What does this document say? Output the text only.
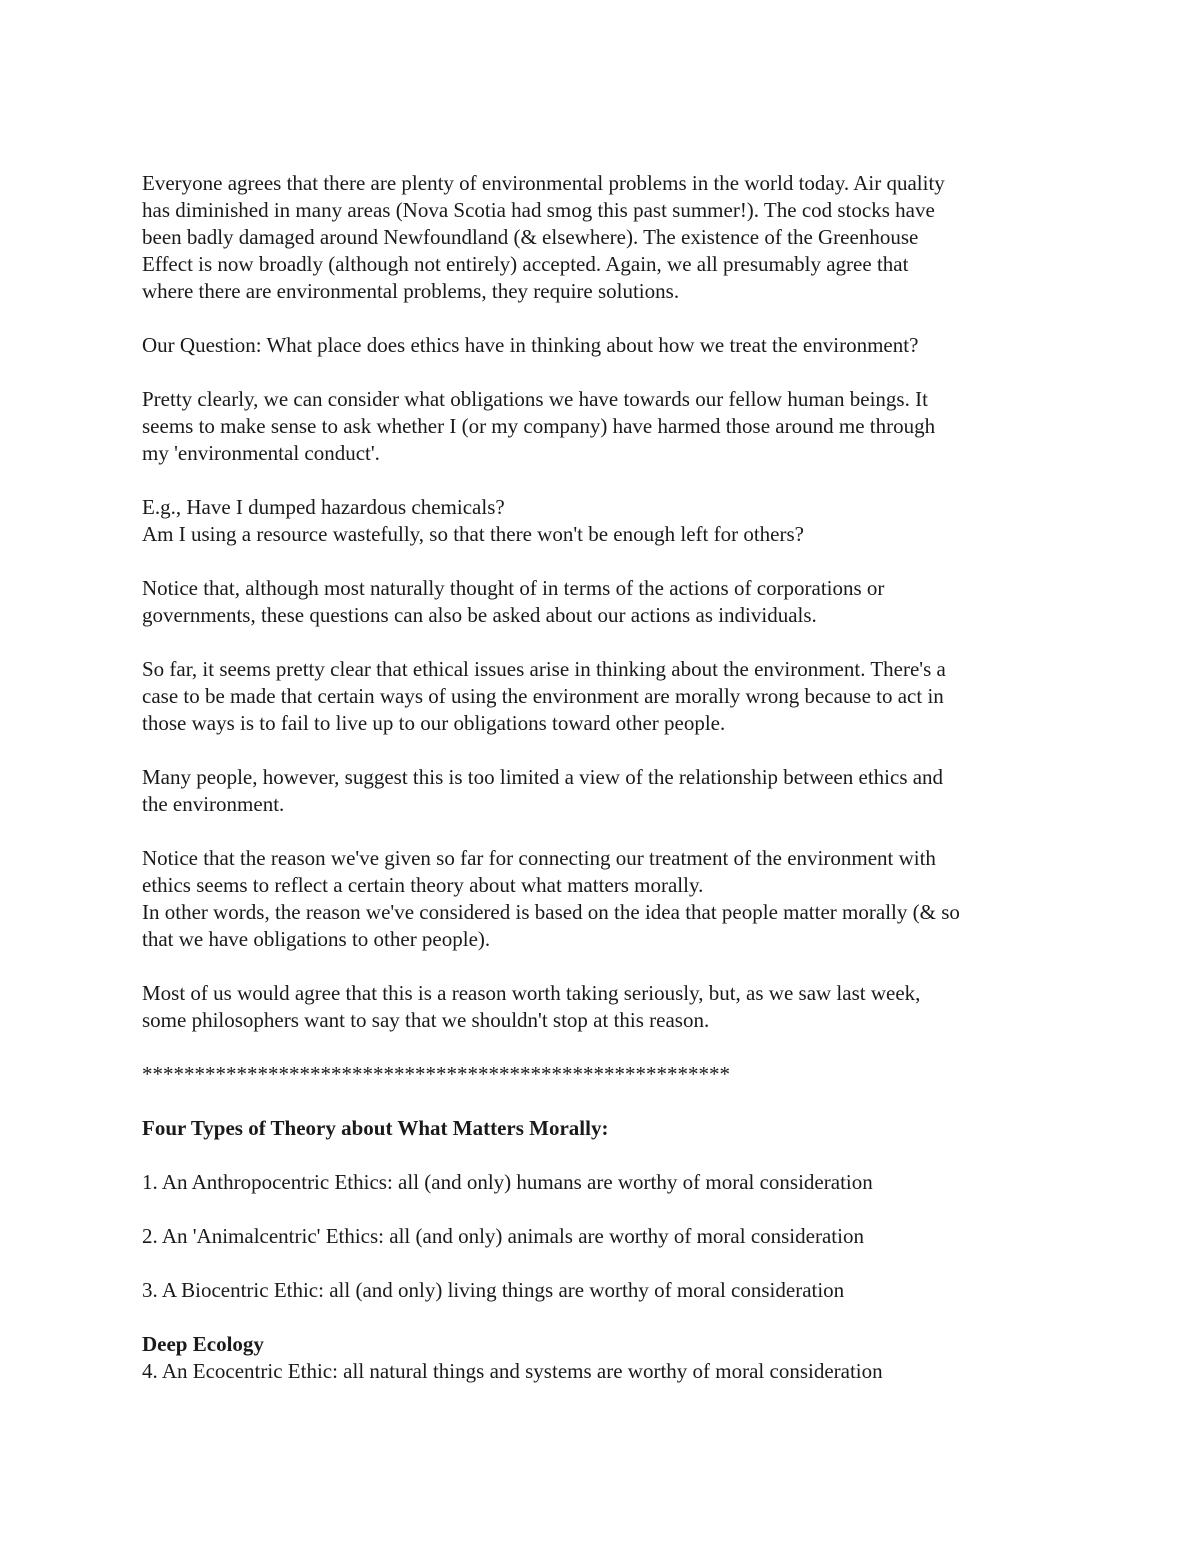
Everyone agrees that there are plenty of environmental problems in the world today. Air quality
has diminished in many areas (Nova Scotia had smog this past summer!). The cod stocks have
been badly damaged around Newfoundland (& elsewhere). The existence of the Greenhouse
Effect is now broadly (although not entirely) accepted. Again, we all presumably agree that
where there are environmental problems, they require solutions.
Our Question: What place does ethics have in thinking about how we treat the environment?
Pretty clearly, we can consider what obligations we have towards our fellow human beings. It
seems to make sense to ask whether I (or my company) have harmed those around me through
my 'environmental conduct'.
E.g., Have I dumped hazardous chemicals?
Am I using a resource wastefully, so that there won't be enough left for others?
Notice that, although most naturally thought of in terms of the actions of corporations or
governments, these questions can also be asked about our actions as individuals.
So far, it seems pretty clear that ethical issues arise in thinking about the environment. There's a
case to be made that certain ways of using the environment are morally wrong because to act in
those ways is to fail to live up to our obligations toward other people.
Many people, however, suggest this is too limited a view of the relationship between ethics and
the environment.
Notice that the reason we've given so far for connecting our treatment of the environment with
ethics seems to reflect a certain theory about what matters morally.
In other words, the reason we've considered is based on the idea that people matter morally (& so
that we have obligations to other people).
Most of us would agree that this is a reason worth taking seriously, but, as we saw last week,
some philosophers want to say that we shouldn't stop at this reason.
********************************************************
Four Types of Theory about What Matters Morally:
1. An Anthropocentric Ethics: all (and only) humans are worthy of moral consideration
2. An 'Animalcentric' Ethics: all (and only) animals are worthy of moral consideration
3. A Biocentric Ethic: all (and only) living things are worthy of moral consideration
Deep Ecology
4. An Ecocentric Ethic: all natural things and systems are worthy of moral consideration
